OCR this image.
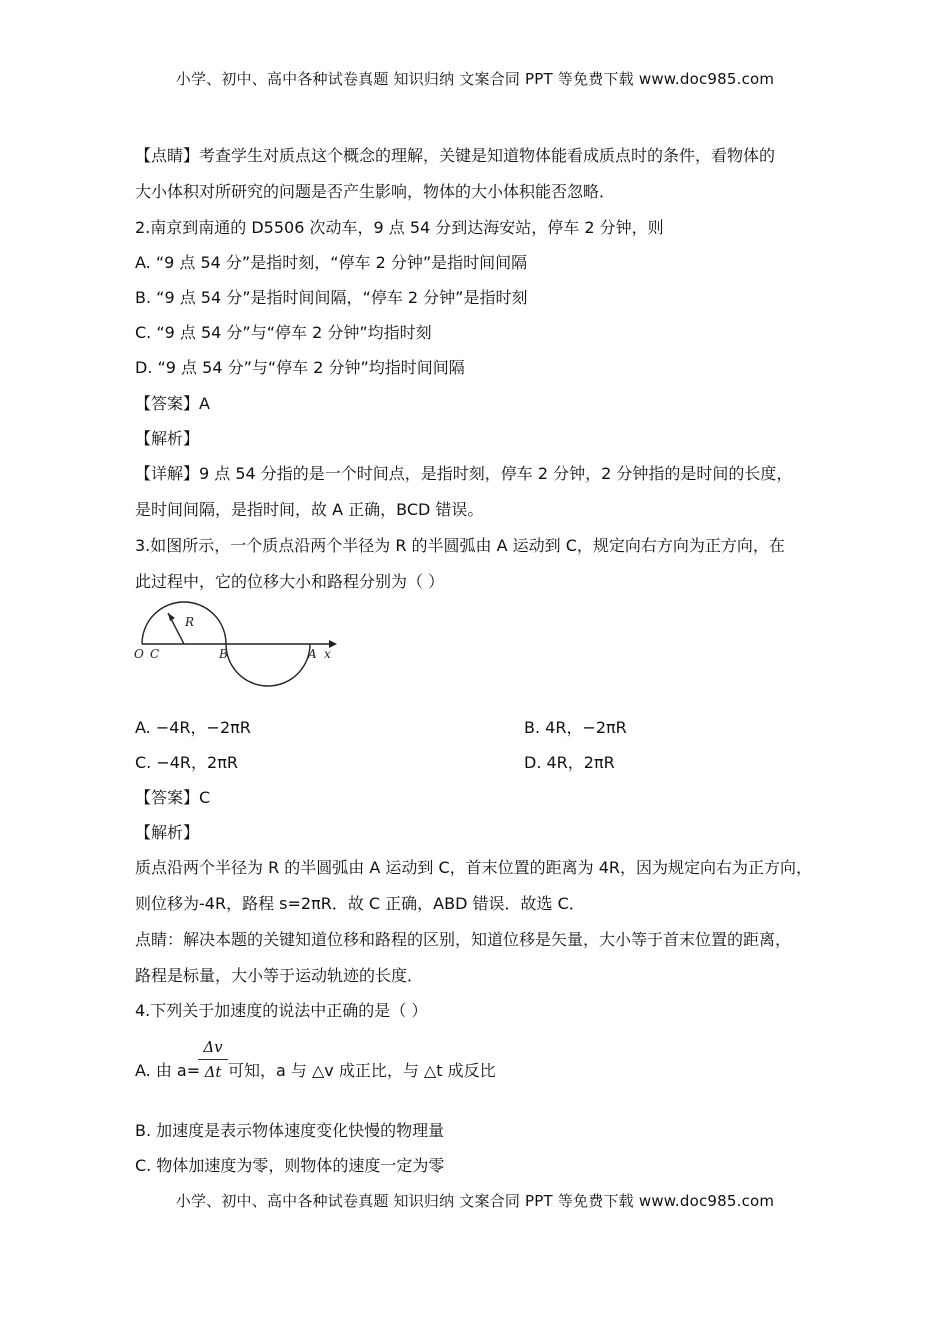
小学、初中、高中各种试卷真题 知识归纳 文案合同 PPT 等免费下载 www.doc985.com
【点睛】考查学生对质点这个概念的理解，关键是知道物体能看成质点时的条件，看物体的
大小体积对所研究的问题是否产生影响，物体的大小体积能否忽略．
2.南京到南通的 D5506 次动车，9 点 54 分到达海安站，停车 2 分钟，则
A. “9 点 54 分”是指时刻，“停车 2 分钟”是指时间间隔
B. “9 点 54 分”是指时间间隔，“停车 2 分钟”是指时刻
C. “9 点 54 分”与“停车 2 分钟”均指时刻
D. “9 点 54 分”与“停车 2 分钟”均指时间间隔
【答案】A
【解析】
【详解】9 点 54 分指的是一个时间点，是指时刻，停车 2 分钟，2 分钟指的是时间的长度，
是时间间隔，是指时间，故 A 正确，BCD 错误。
3.如图所示，一个质点沿两个半径为 R 的半圆弧由 A 运动到 C，规定向右方向为正方向，在
此过程中，它的位移大小和路程分别为（ ）
O C	B	A x
R
A. −4R，−2πR	B. 4R，−2πR
C. −4R，2πR	D. 4R，2πR
【答案】C
【解析】
质点沿两个半径为 R 的半圆弧由 A 运动到 C，首末位置的距离为 4R，因为规定向右为正方向，
则位移为-4R，路程 s=2πR．故 C 正确，ABD 错误．故选 C．
点睛：解决本题的关键知道位移和路程的区别，知道位移是矢量，大小等于首末位置的距离，
路程是标量，大小等于运动轨迹的长度．
4.下列关于加速度的说法中正确的是（ ）
A. 由 a=
Δv
Δt 可知，a 与 △v 成正比，与 △t 成反比
B. 加速度是表示物体速度变化快慢的物理量
C. 物体加速度为零，则物体的速度一定为零
小学、初中、高中各种试卷真题 知识归纳 文案合同 PPT 等免费下载 www.doc985.com
